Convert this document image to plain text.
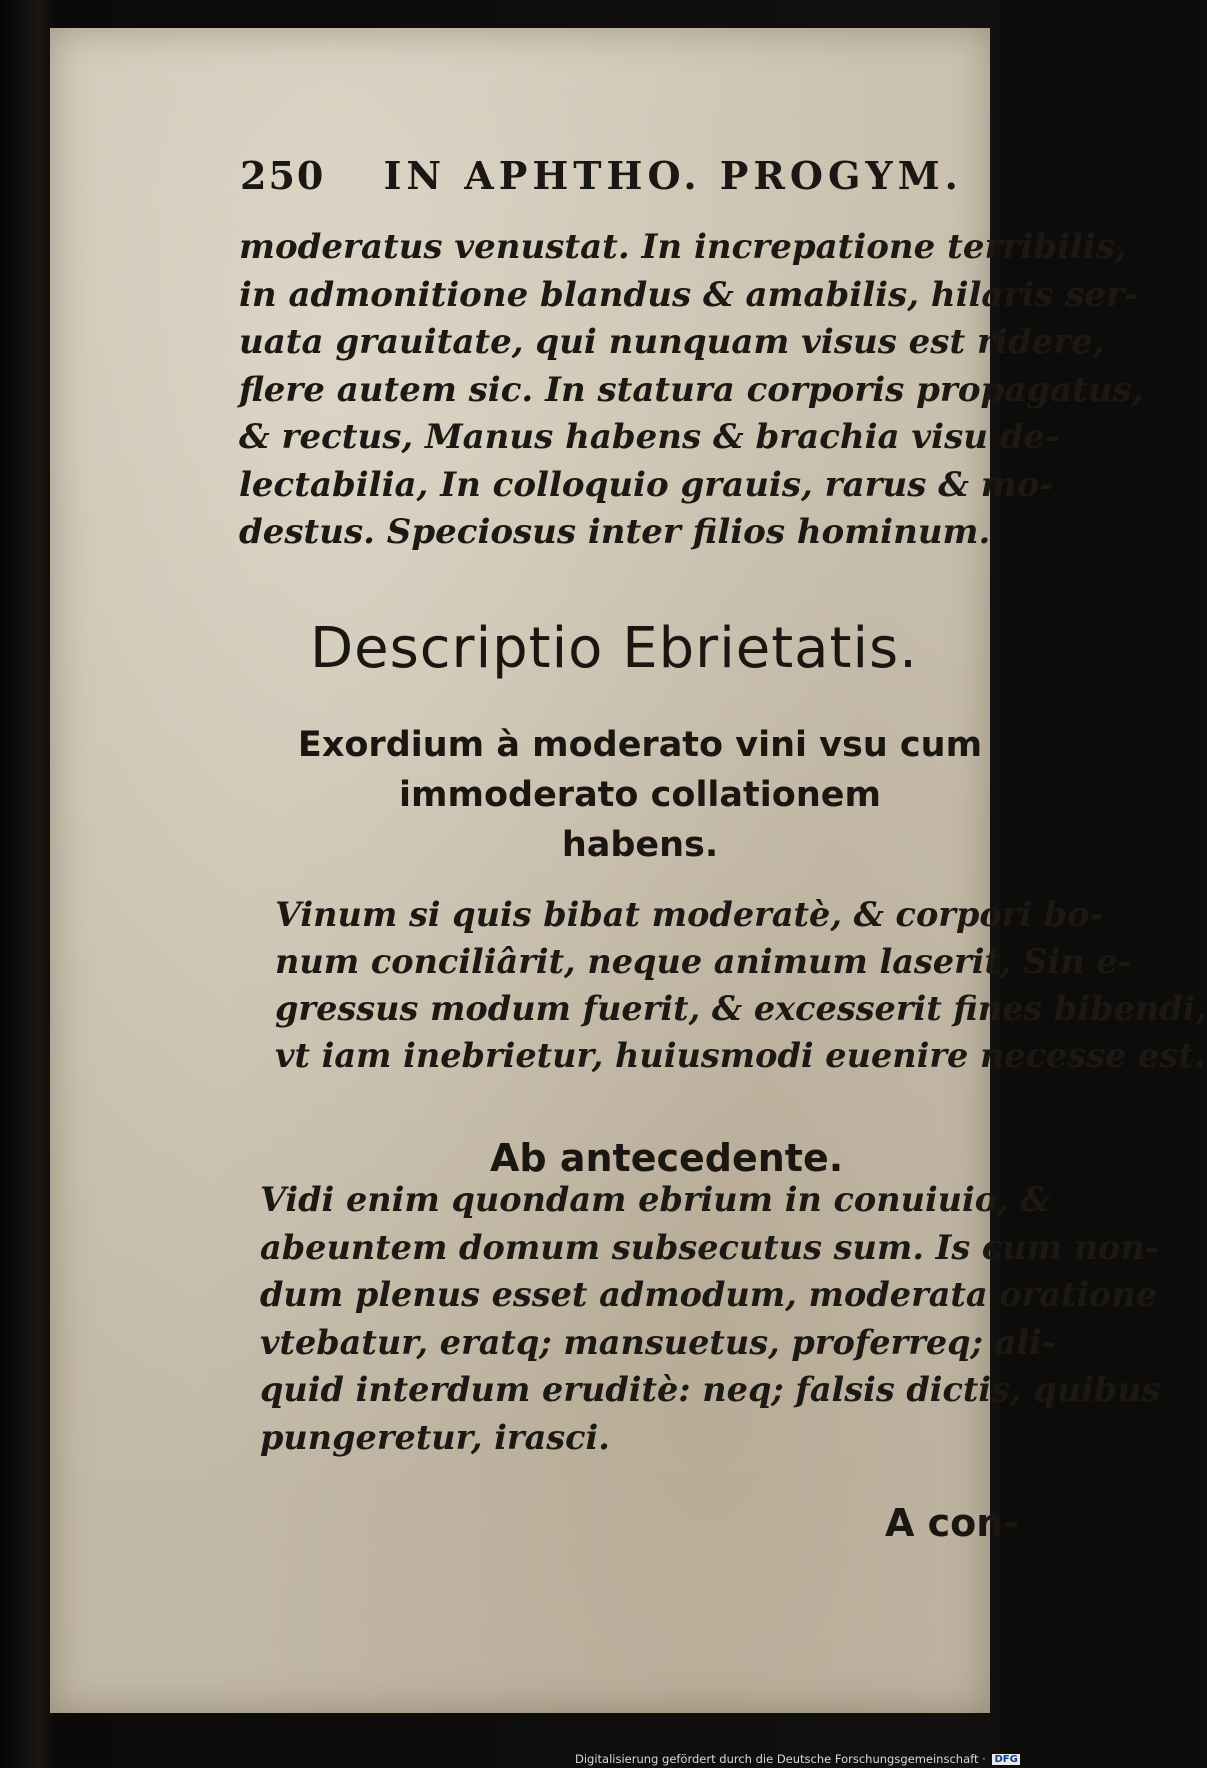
250 IN APHTHO. PROGYM.

moderatus venustat. In increpatione terribilis,
in admonitione blandus & amabilis, hilaris ser-
uata grauitate, qui nunquam visus est ridere,
flere autem sic. In statura corporis propagatus,
& rectus, Manus habens & brachia visu de-
lectabilia, In colloquio grauis, rarus & mo-
destus. Speciosus inter filios hominum.

Descriptio Ebrietatis.
Exordium à moderato vini vsu cum
immoderato collationem
habens.

Vinum si quis bibat moderatè, & corpori bo-
num conciliârit, neque animum laserit, Sin e-
gressus modum fuerit, & excesserit fines bibendi,
vt iam inebrietur, huiusmodi euenire necesse est.

Ab antecedente.

Vidi enim quondam ebrium in conuiuio, &
abeuntem domum subsecutus sum. Is cum non-
dum plenus esset admodum, moderata oratione
vtebatur, eratq; mansuetus, proferreq; ali-
quid interdum eruditè: neq; falsis dictis, quibus
pungeretur, irasci.

A con-
Digitalisierung gefördert durch die Deutsche Forschungsgemeinschaft · DFG
